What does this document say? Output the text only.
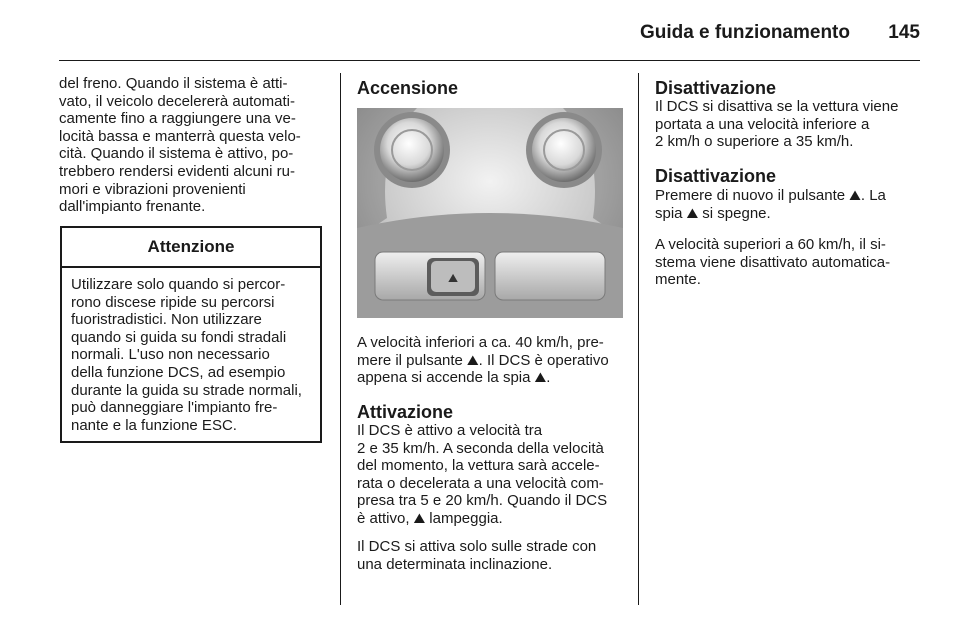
Guida e funzionamento	145

del freno. Quando il sistema è atti-

vato, il veicolo decelererà automati-

camente fino a raggiungere una ve-

locità bassa e manterrà questa velo-

cità. Quando il sistema è attivo, po-

trebbero rendersi evidenti alcuni ru-

mori e vibrazioni provenienti

dall'impianto frenante.

Attenzione

Utilizzare solo quando si percor-

rono discese ripide su percorsi

fuoristradistici. Non utilizzare

quando si guida su fondi stradali

normali. L'uso non necessario

della funzione DCS, ad esempio

durante la guida su strade normali,

può danneggiare l'impianto fre-

nante e la funzione ESC.

Accensione
⛰
A velocità inferiori a ca. 40 km/h, pre-
mere il pulsante ⛰. Il DCS è operativo
appena si accende la spia ⛰.
Attivazione
Il DCS è attivo a velocità tra
2 e 35 km/h. A seconda della velocità
del momento, la vettura sarà accele-
rata o decelerata a una velocità com-
presa tra 5 e 20 km/h. Quando il DCS
è attivo, ⛰ lampeggia.
Il DCS si attiva solo sulle strade con
una determinata inclinazione.
Disattivazione
Il DCS si disattiva se la vettura viene
portata a una velocità inferiore a
2 km/h o superiore a 35 km/h.
Disattivazione
Premere di nuovo il pulsante ⛰. La
spia ⛰ si spegne.
A velocità superiori a 60 km/h, il si-
stema viene disattivato automatica-
mente.
